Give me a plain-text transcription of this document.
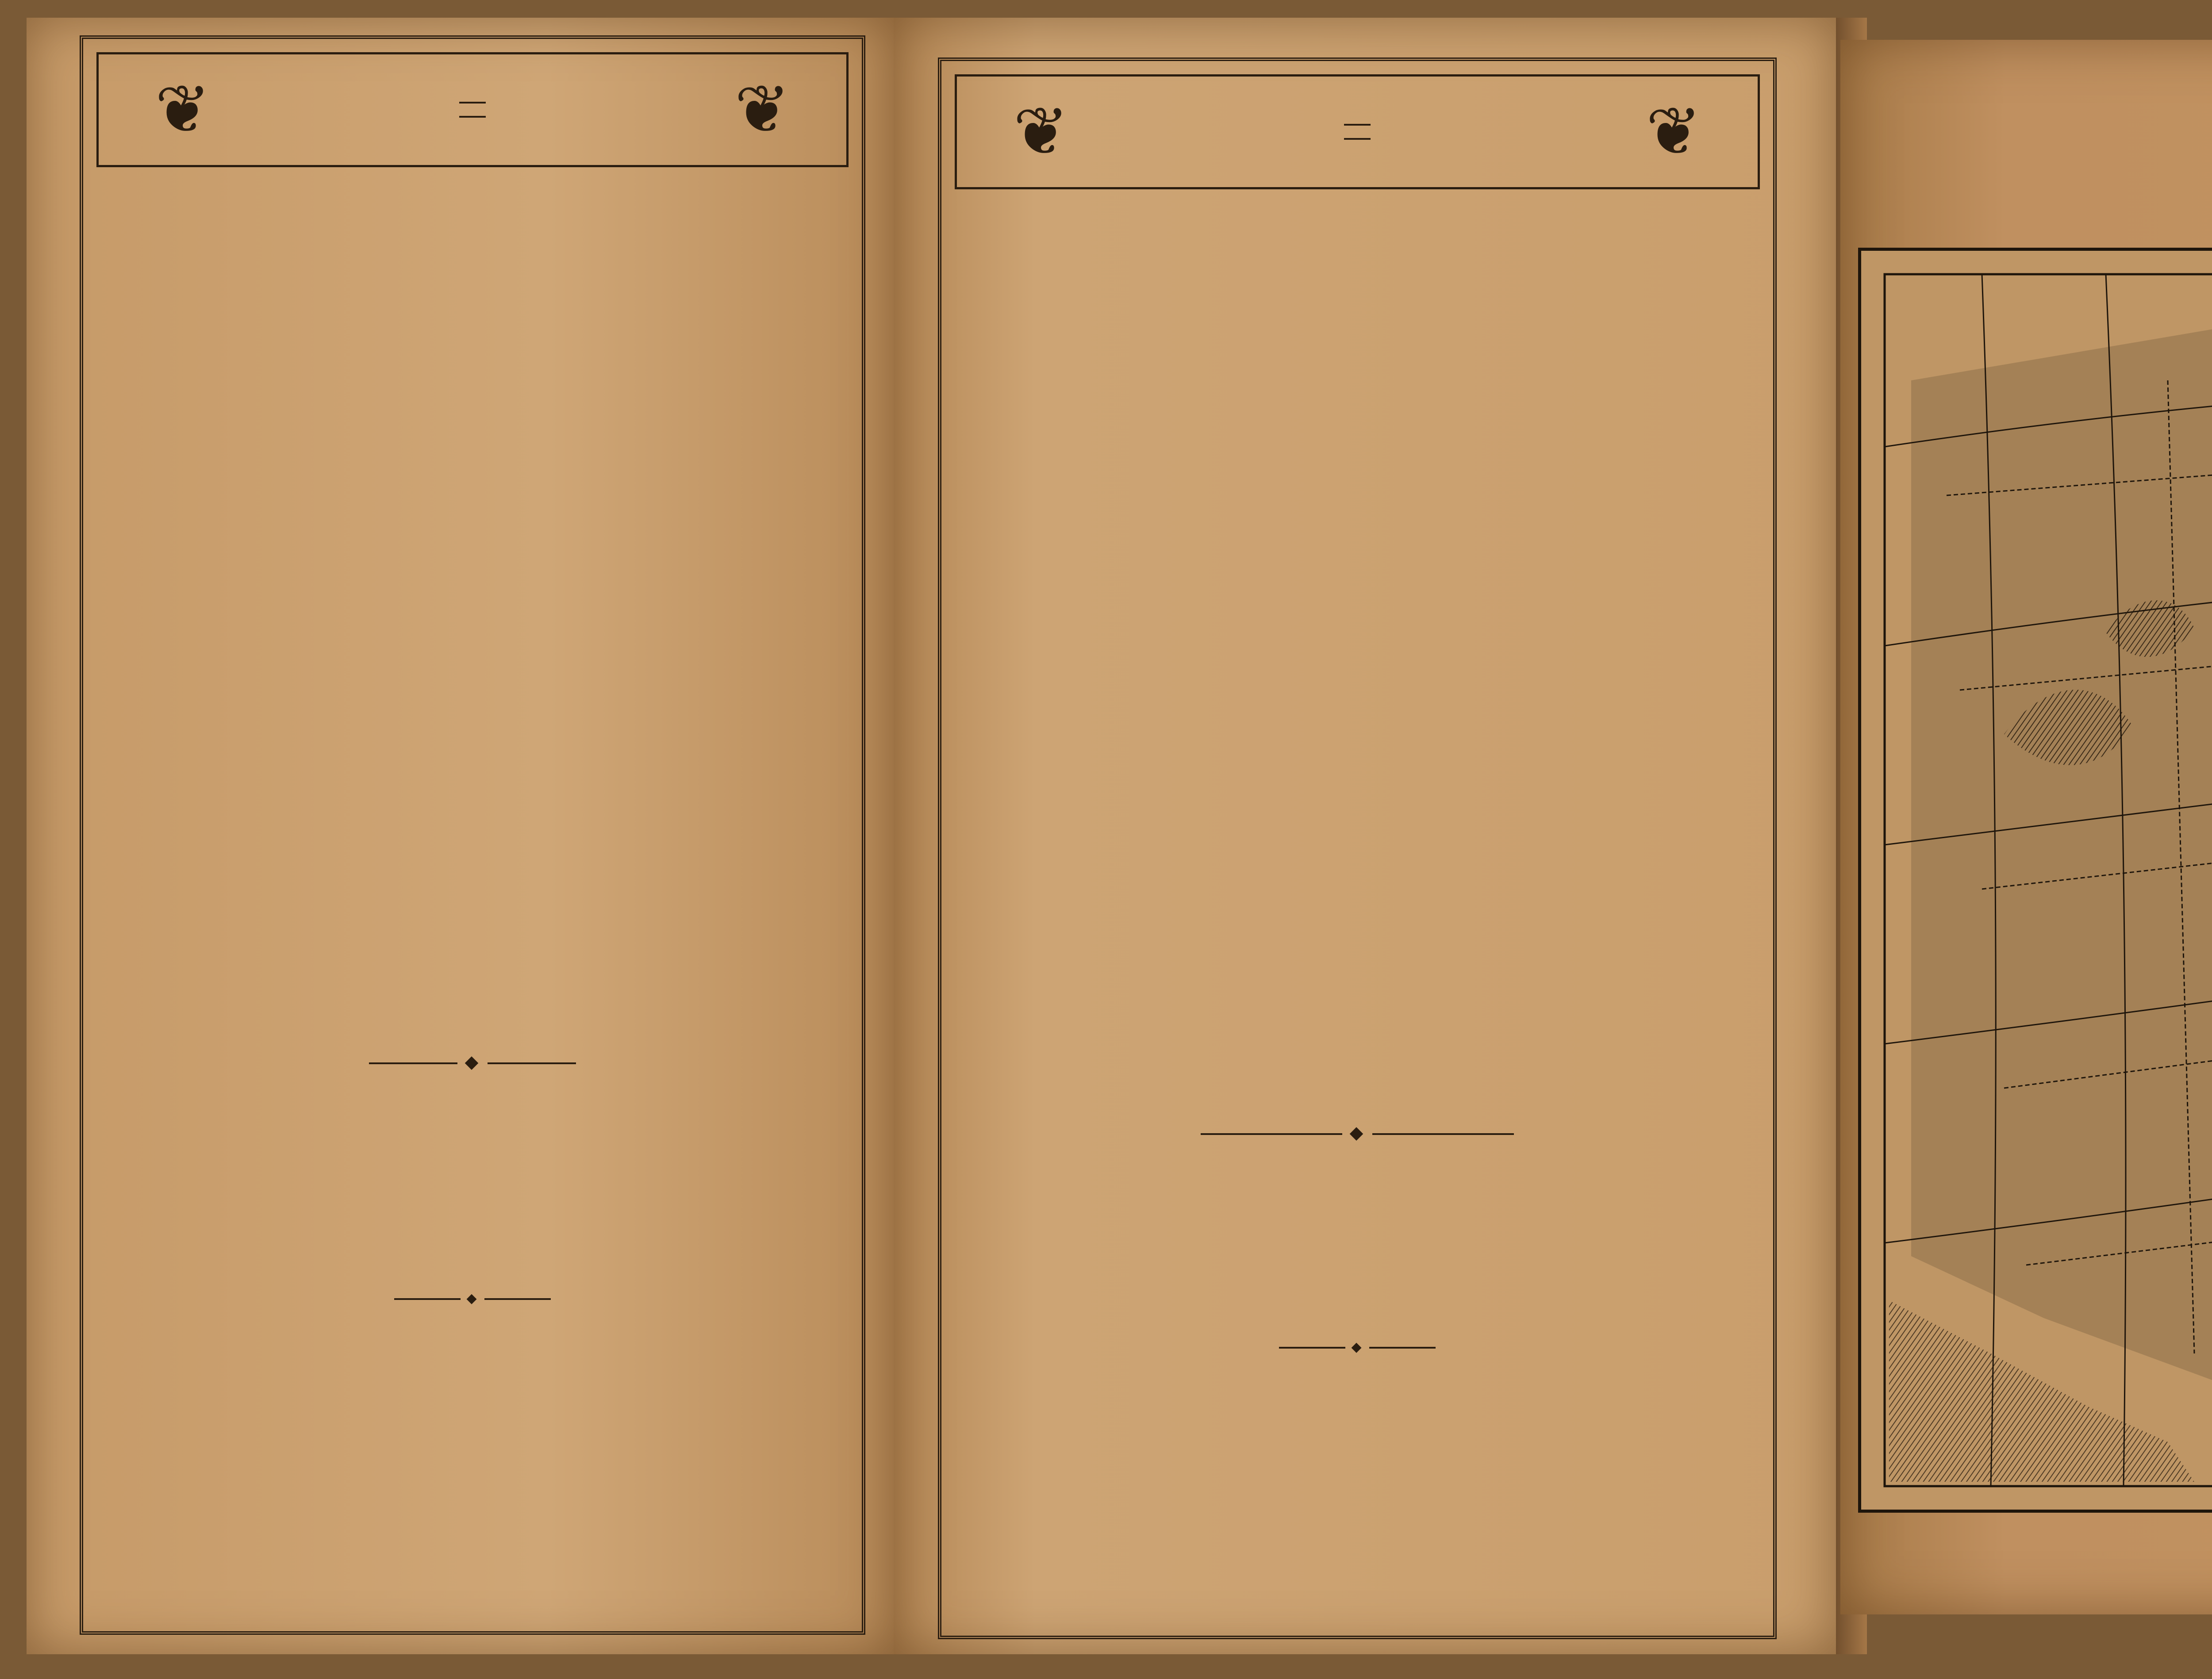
❦	❦

◆

◆

❦	❦
◆

◆
